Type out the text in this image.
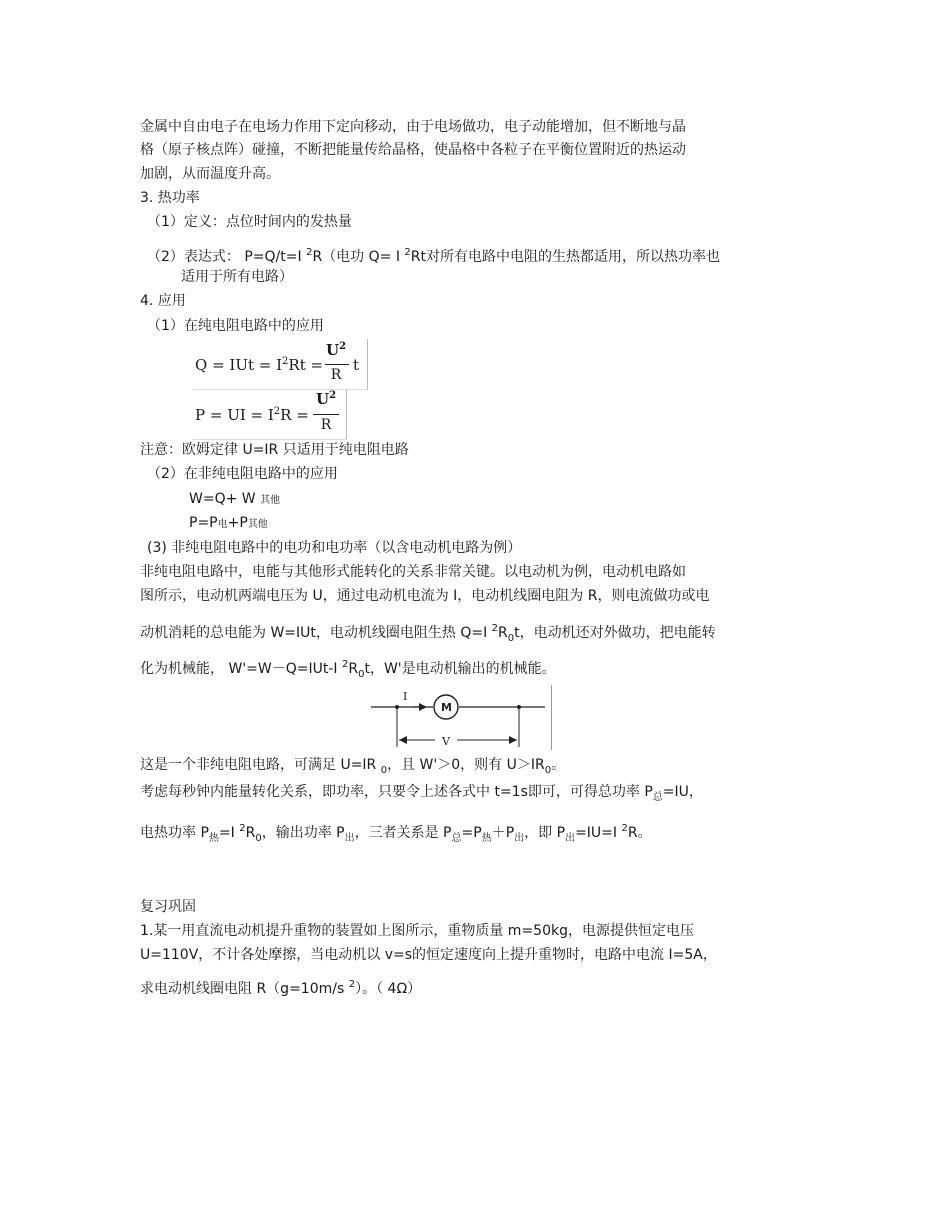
金属中自由电子在电场力作用下定向移动，由于电场做功，电子动能增加，但不断地与晶
格（原子核点阵）碰撞，不断把能量传给晶格，使晶格中各粒子在平衡位置附近的热运动
加剧，从而温度升高。
3. 热功率
（1）定义：点位时间内的发热量
（2）表达式： P=Q/t=I $^2$R（电功 Q= I $^2$Rt对所有电路中电阻的生热都适用，所以热功率也
适用于所有电路）
4. 应用
（1）在纯电阻电路中的应用
Q = IUt = $I^2Rt$ =
$U^2$
R
t
P = UI = $I^2R$ =
$U^2$
R
注意：欧姆定律 U=IR 只适用于纯电阻电路
（2）在非纯电阻电路中的应用
W=Q+ W 其他
P=P电+P其他
(3) 非纯电阻电路中的电功和电功率（以含电动机电路为例）
非纯电阻电路中，电能与其他形式能转化的关系非常关键。以电动机为例，电动机电路如
图所示，电动机两端电压为 U，通过电动机电流为 I，电动机线圈电阻为 R，则电流做功或电
动机消耗的总电能为 W=IUt，电动机线圈电阻生热 Q=I $^2R_0t$，电动机还对外做功，把电能转
化为机械能， W'=W－Q=IUt-I $^2R_0t$，W'是电动机输出的机械能。
I
M
V
这是一个非纯电阻电路，可满足 U=IR $_0$，且 W'＞0，则有 $U>IR_0$。
考虑每秒钟内能量转化关系，即功率，只要令上述各式中 t=1s即可，可得总功率 $P_总=IU$，
电热功率 $P_热=I$ $^2R_0$，输出功率 $P_出$，三者关系是 $P_总=P_热+P_出$，即 $P_出=IU=I$ $^2$R。
复习巩固
1.某一用直流电动机提升重物的装置如上图所示，重物质量 m=50kg，电源提供恒定电压
U=110V，不计各处摩擦，当电动机以 v=s的恒定速度向上提升重物时，电路中电流 I=5A，
求电动机线圈电阻 R（g=10m/s $^2$）。（ 4Ω）
